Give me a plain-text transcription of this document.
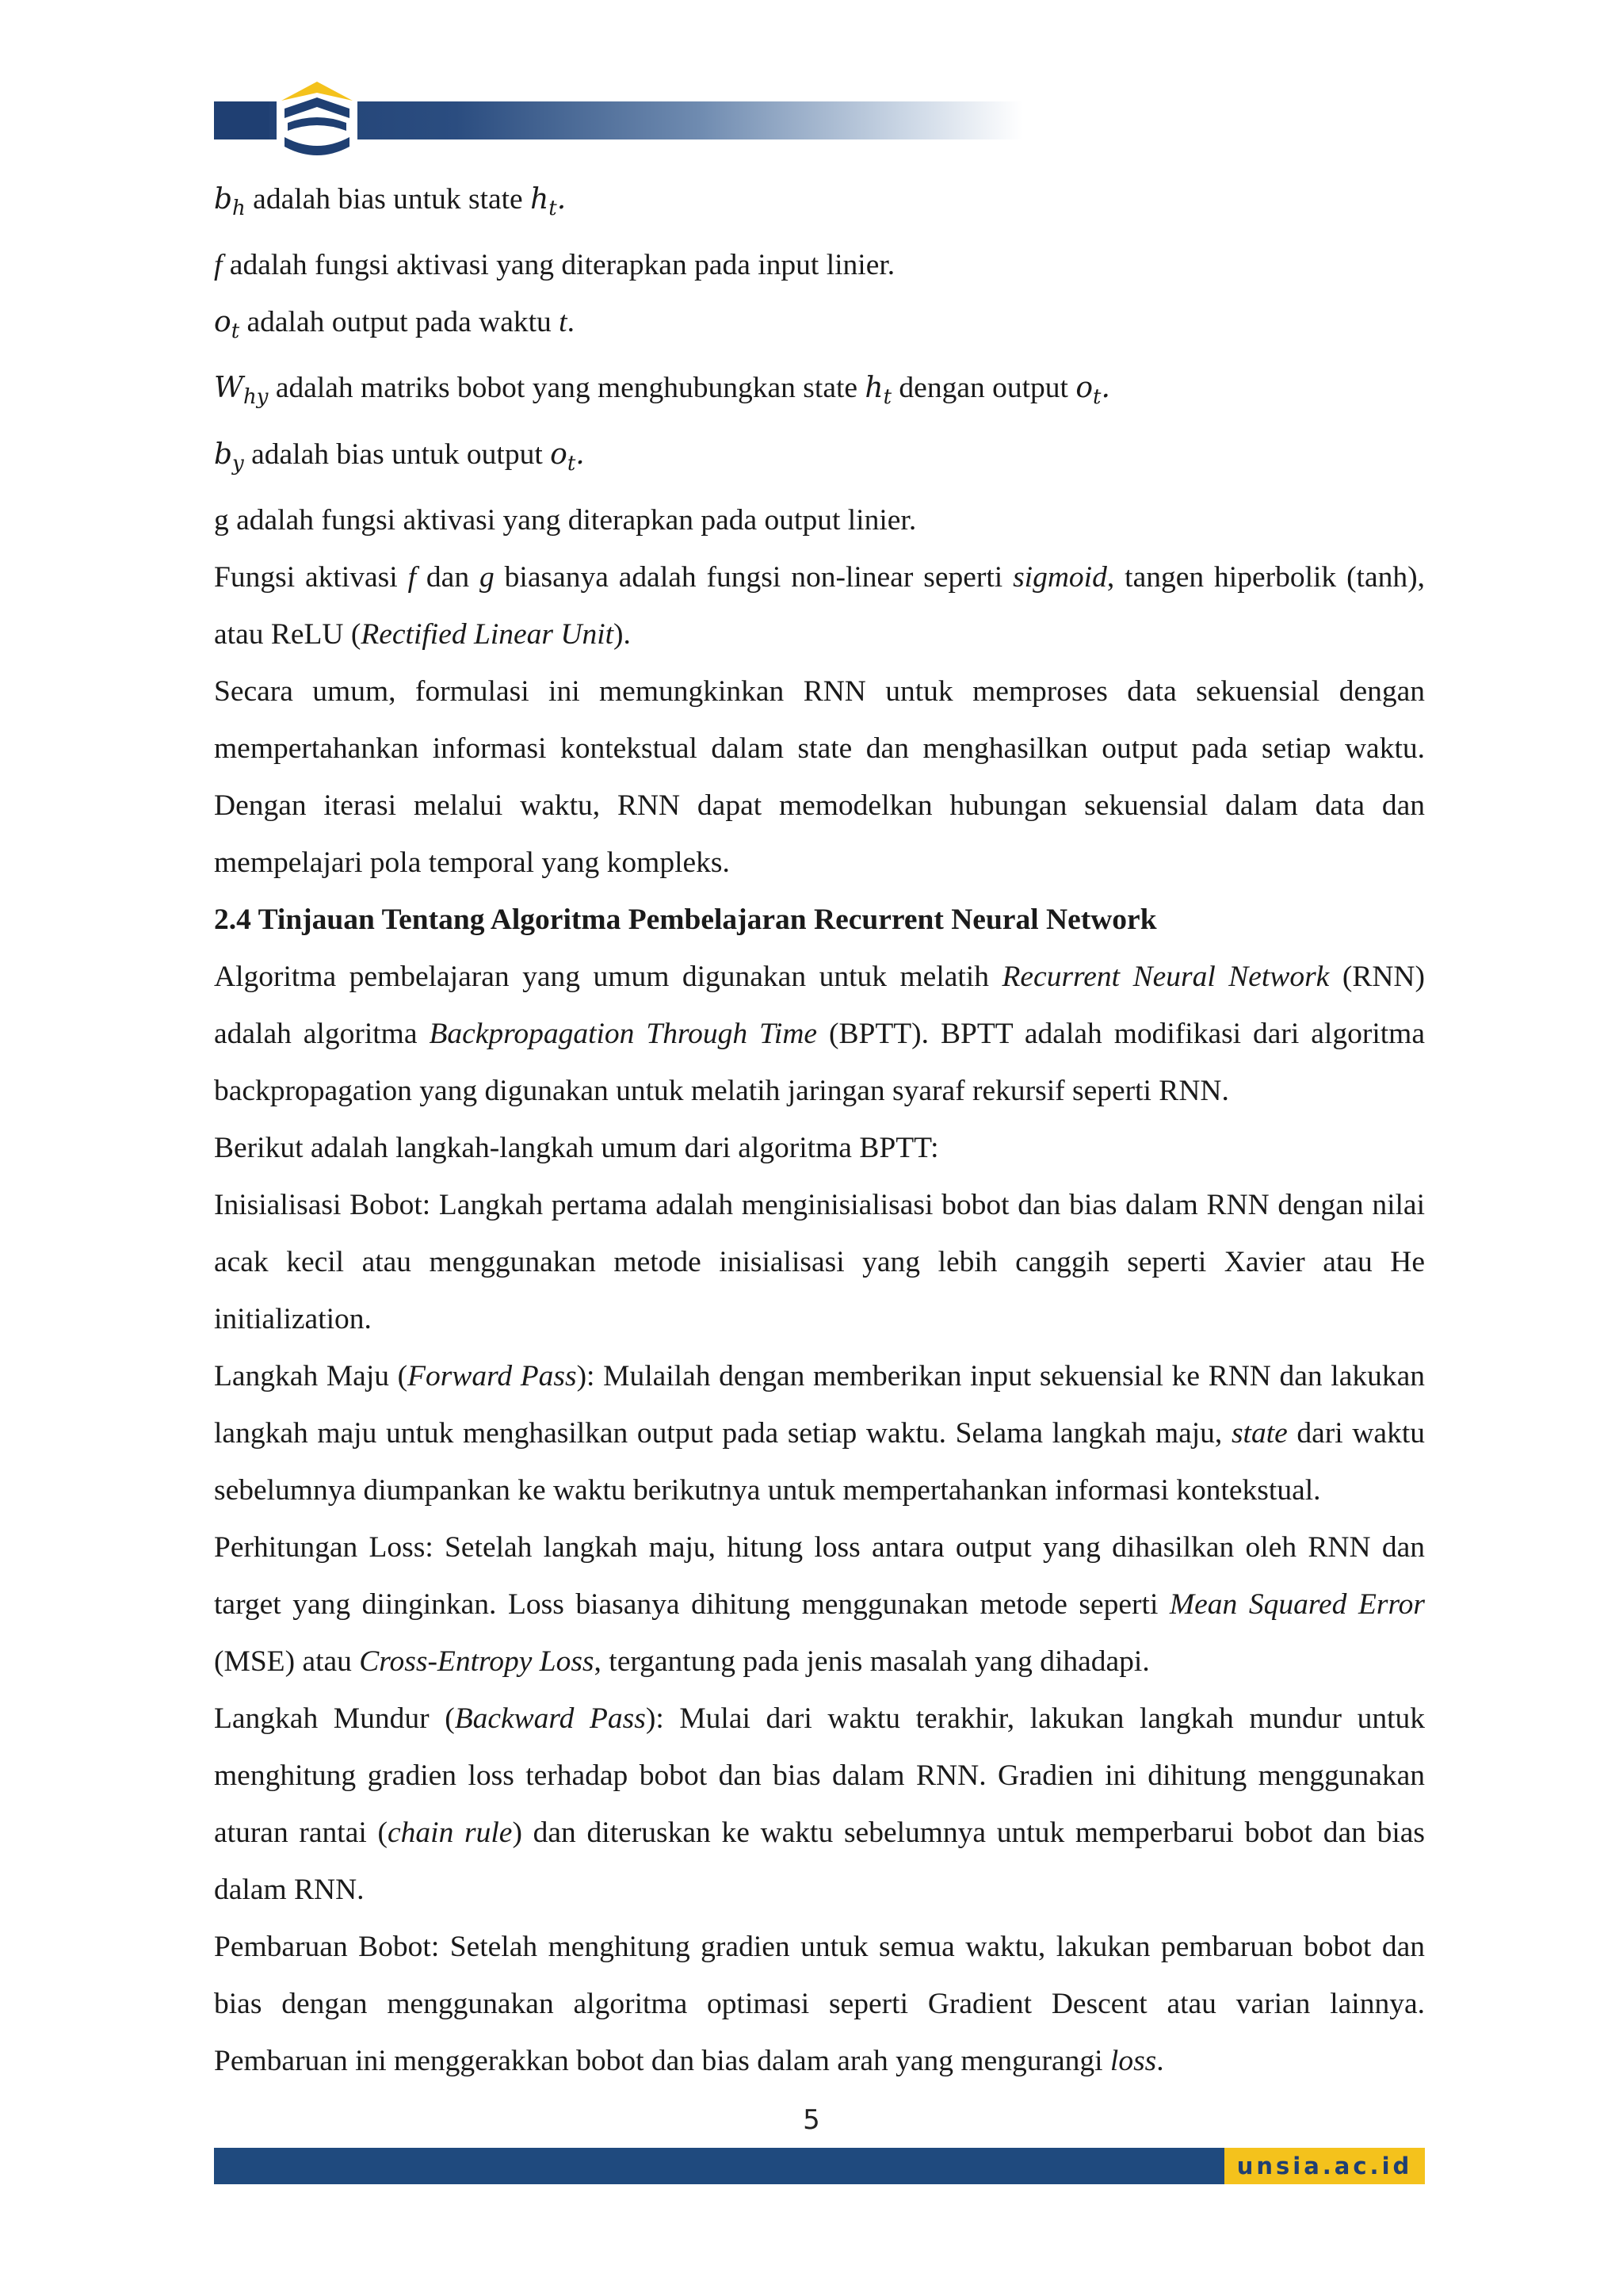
$b_h$ adalah bias untuk state $h_t$.

f adalah fungsi aktivasi yang diterapkan pada input linier.

$o_t$ adalah output pada waktu t.

$W_{hy}$ adalah matriks bobot yang menghubungkan state $h_t$ dengan output $o_t$.

$b_y$ adalah bias untuk output $o_t$.

g adalah fungsi aktivasi yang diterapkan pada output linier.

Fungsi aktivasi f dan g biasanya adalah fungsi non-linear seperti sigmoid, tangen hiperbolik (tanh), atau ReLU (Rectified Linear Unit).

Secara umum, formulasi ini memungkinkan RNN untuk memproses data sekuensial dengan mempertahankan informasi kontekstual dalam state dan menghasilkan output pada setiap waktu. Dengan iterasi melalui waktu, RNN dapat memodelkan hubungan sekuensial dalam data dan mempelajari pola temporal yang kompleks.

2.4 Tinjauan Tentang Algoritma Pembelajaran Recurrent Neural Network

Algoritma pembelajaran yang umum digunakan untuk melatih Recurrent Neural Network (RNN) adalah algoritma Backpropagation Through Time (BPTT). BPTT adalah modifikasi dari algoritma backpropagation yang digunakan untuk melatih jaringan syaraf rekursif seperti RNN.

Berikut adalah langkah-langkah umum dari algoritma BPTT:

Inisialisasi Bobot: Langkah pertama adalah menginisialisasi bobot dan bias dalam RNN dengan nilai acak kecil atau menggunakan metode inisialisasi yang lebih canggih seperti Xavier atau He initialization.

Langkah Maju (Forward Pass): Mulailah dengan memberikan input sekuensial ke RNN dan lakukan langkah maju untuk menghasilkan output pada setiap waktu. Selama langkah maju, state dari waktu sebelumnya diumpankan ke waktu berikutnya untuk mempertahankan informasi kontekstual.

Perhitungan Loss: Setelah langkah maju, hitung loss antara output yang dihasilkan oleh RNN dan target yang diinginkan. Loss biasanya dihitung menggunakan metode seperti Mean Squared Error (MSE) atau Cross-Entropy Loss, tergantung pada jenis masalah yang dihadapi.

Langkah Mundur (Backward Pass): Mulai dari waktu terakhir, lakukan langkah mundur untuk menghitung gradien loss terhadap bobot dan bias dalam RNN. Gradien ini dihitung menggunakan aturan rantai (chain rule) dan diteruskan ke waktu sebelumnya untuk memperbarui bobot dan bias dalam RNN.

Pembaruan Bobot: Setelah menghitung gradien untuk semua waktu, lakukan pembaruan bobot dan bias dengan menggunakan algoritma optimasi seperti Gradient Descent atau varian lainnya. Pembaruan ini menggerakkan bobot dan bias dalam arah yang mengurangi loss.

5
unsia.ac.id
